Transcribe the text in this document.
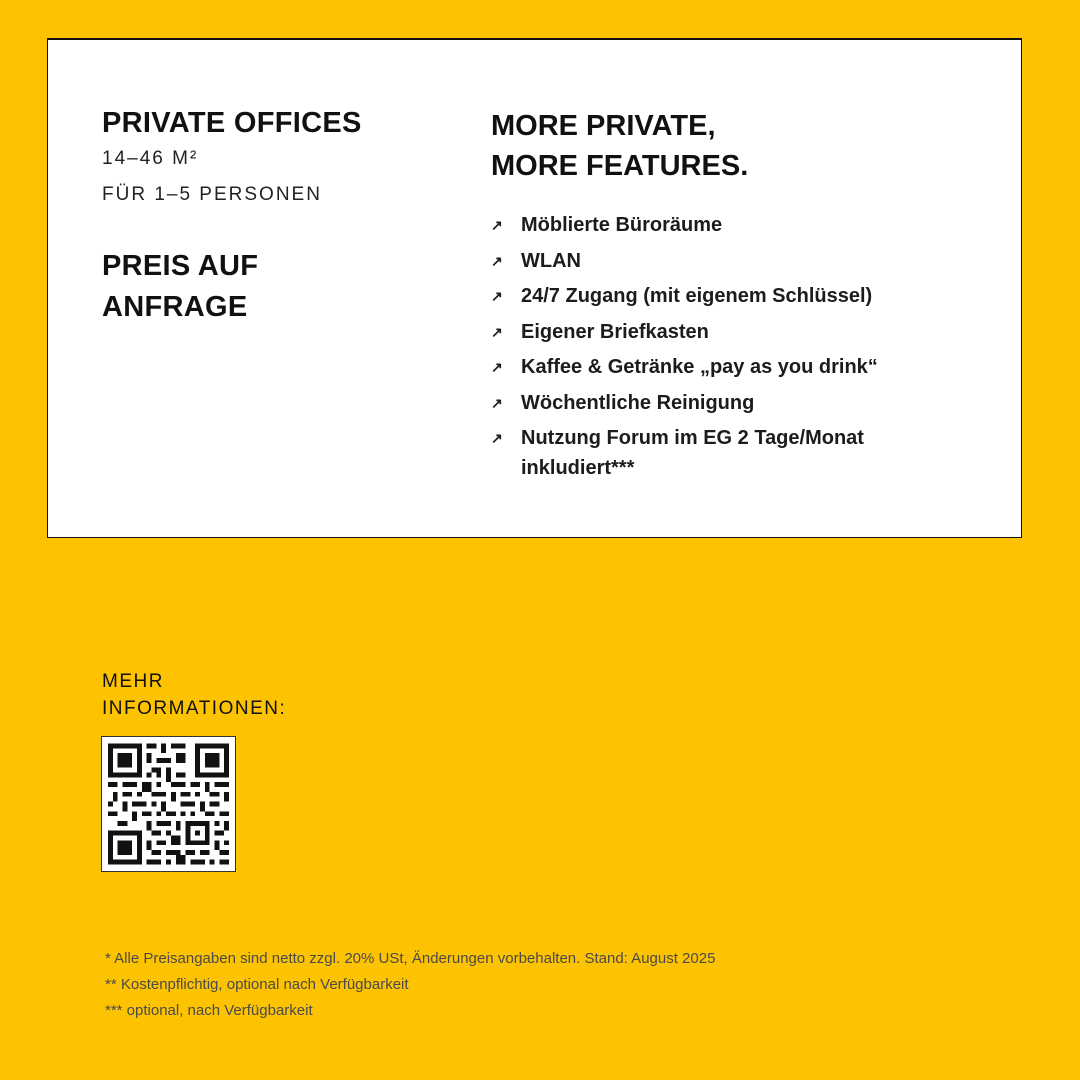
PRIVATE OFFICES

14–46 M²

FÜR 1–5 PERSONEN

PREIS AUF
ANFRAGE
MORE PRIVATE,
MORE FEATURES.
↗ Möblierte Büroräume
↗ WLAN
↗ 24/7 Zugang (mit eigenem Schlüssel)
↗ Eigener Briefkasten
↗ Kaffee & Getränke „pay as you drink“
↗ Wöchentliche Reinigung
↗ Nutzung Forum im EG 2 Tage/Monat inkludiert***

MEHR
INFORMATIONEN:

* Alle Preisangaben sind netto zzgl. 20% USt, Änderungen vorbehalten. Stand: August 2025
** Kostenpflichtig, optional nach Verfügbarkeit
*** optional, nach Verfügbarkeit
